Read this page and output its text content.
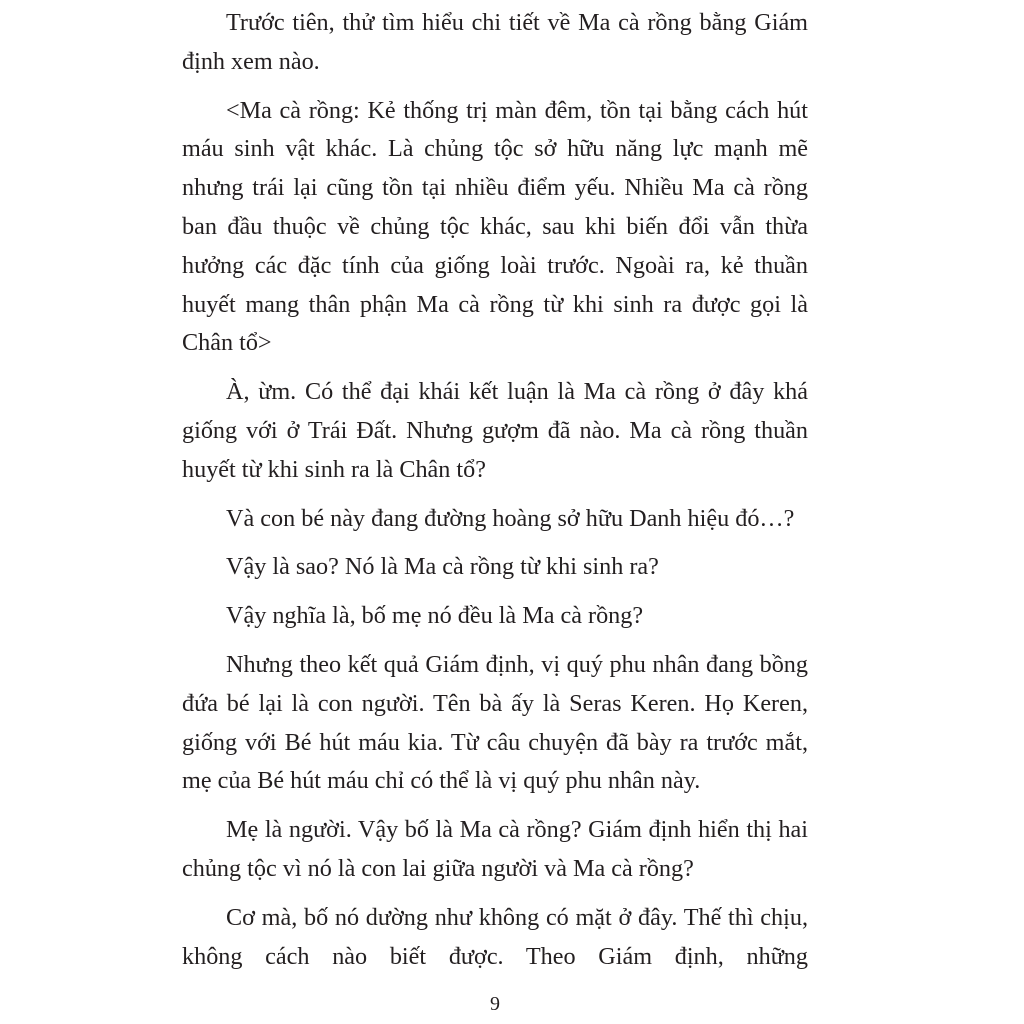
Trước tiên, thử tìm hiểu chi tiết về Ma cà rồng bằng Giám định xem nào.

<Ma cà rồng: Kẻ thống trị màn đêm, tồn tại bằng cách hút máu sinh vật khác. Là chủng tộc sở hữu năng lực mạnh mẽ nhưng trái lại cũng tồn tại nhiều điểm yếu. Nhiều Ma cà rồng ban đầu thuộc về chủng tộc khác, sau khi biến đổi vẫn thừa hưởng các đặc tính của giống loài trước. Ngoài ra, kẻ thuần huyết mang thân phận Ma cà rồng từ khi sinh ra được gọi là Chân tổ>

À, ừm. Có thể đại khái kết luận là Ma cà rồng ở đây khá giống với ở Trái Đất. Nhưng gượm đã nào. Ma cà rồng thuần huyết từ khi sinh ra là Chân tổ?

Và con bé này đang đường hoàng sở hữu Danh hiệu đó…?

Vậy là sao? Nó là Ma cà rồng từ khi sinh ra?

Vậy nghĩa là, bố mẹ nó đều là Ma cà rồng?

Nhưng theo kết quả Giám định, vị quý phu nhân đang bồng đứa bé lại là con người. Tên bà ấy là Seras Keren. Họ Keren, giống với Bé hút máu kia. Từ câu chuyện đã bày ra trước mắt, mẹ của Bé hút máu chỉ có thể là vị quý phu nhân này.

Mẹ là người. Vậy bố là Ma cà rồng? Giám định hiển thị hai chủng tộc vì nó là con lai giữa người và Ma cà rồng?

Cơ mà, bố nó dường như không có mặt ở đây. Thế thì chịu, không cách nào biết được. Theo Giám định, những

9
